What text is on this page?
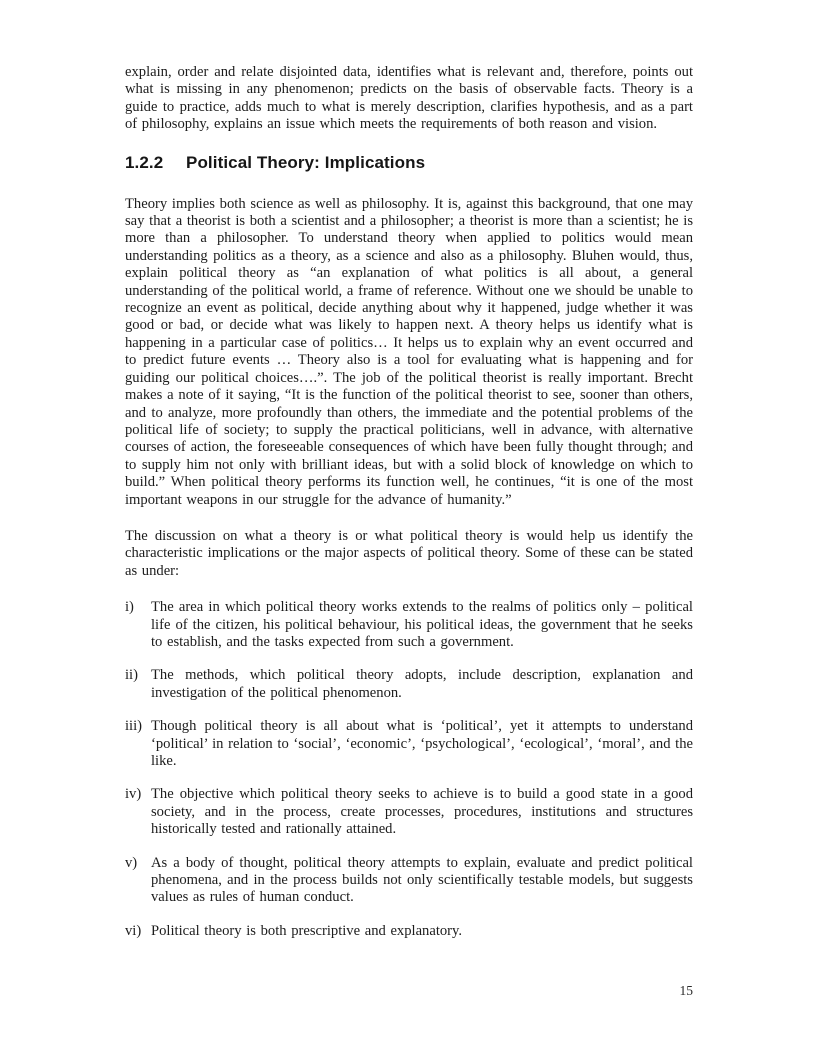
explain, order and relate disjointed data, identifies what is relevant and, therefore, points out what is missing in any phenomenon; predicts on the basis of observable facts. Theory is a guide to practice, adds much to what is merely description, clarifies hypothesis, and as a part of philosophy, explains an issue which meets the requirements of both reason and vision.

1.2.2	Political Theory: Implications

Theory implies both science as well as philosophy. It is, against this background, that one may say that a theorist is both a scientist and a philosopher; a theorist is more than a scientist; he is more than a philosopher. To understand theory when applied to politics would mean understanding politics as a theory, as a science and also as a philosophy. Bluhen would, thus, explain political theory as “an explanation of what politics is all about, a general understanding of the political world, a frame of reference. Without one we should be unable to recognize an event as political, decide anything about why it happened, judge whether it was good or bad, or decide what was likely to happen next. A theory helps us identify what is happening in a particular case of politics… It helps us to explain why an event occurred and to predict future events … Theory also is a tool for evaluating what is happening and for guiding our political choices….”. The job of the political theorist is really important. Brecht makes a note of it saying, “It is the function of the political theorist to see, sooner than others, and to analyze, more profoundly than others, the immediate and the potential problems of the political life of society; to supply the practical politicians, well in advance, with alternative courses of action, the foreseeable consequences of which have been fully thought through; and to supply him not only with brilliant ideas, but with a solid block of knowledge on which to build.” When political theory performs its function well, he continues, “it is one of the most important weapons in our struggle for the advance of humanity.”

The discussion on what a theory is or what political theory is would help us identify the characteristic implications or the major aspects of political theory. Some of these can be stated as under:

i)	The area in which political theory works extends to the realms of politics only – political life of the citizen, his political behaviour, his political ideas, the government that he seeks to establish, and the tasks expected from such a government.
ii) The methods, which political theory adopts, include description, explanation and investigation of the political phenomenon.
iii) Though political theory is all about what is ‘political’, yet it attempts to understand ‘political’ in relation to ‘social’, ‘economic’, ‘psychological’, ‘ecological’, ‘moral’, and the like.
iv) The objective which political theory seeks to achieve is to build a good state in a good society, and in the process, create processes, procedures, institutions and structures historically tested and rationally attained.
v) As a body of thought, political theory attempts to explain, evaluate and predict political phenomena, and in the process builds not only scientifically testable models, but suggests values as rules of human conduct.
vi) Political theory is both prescriptive and explanatory.
15
